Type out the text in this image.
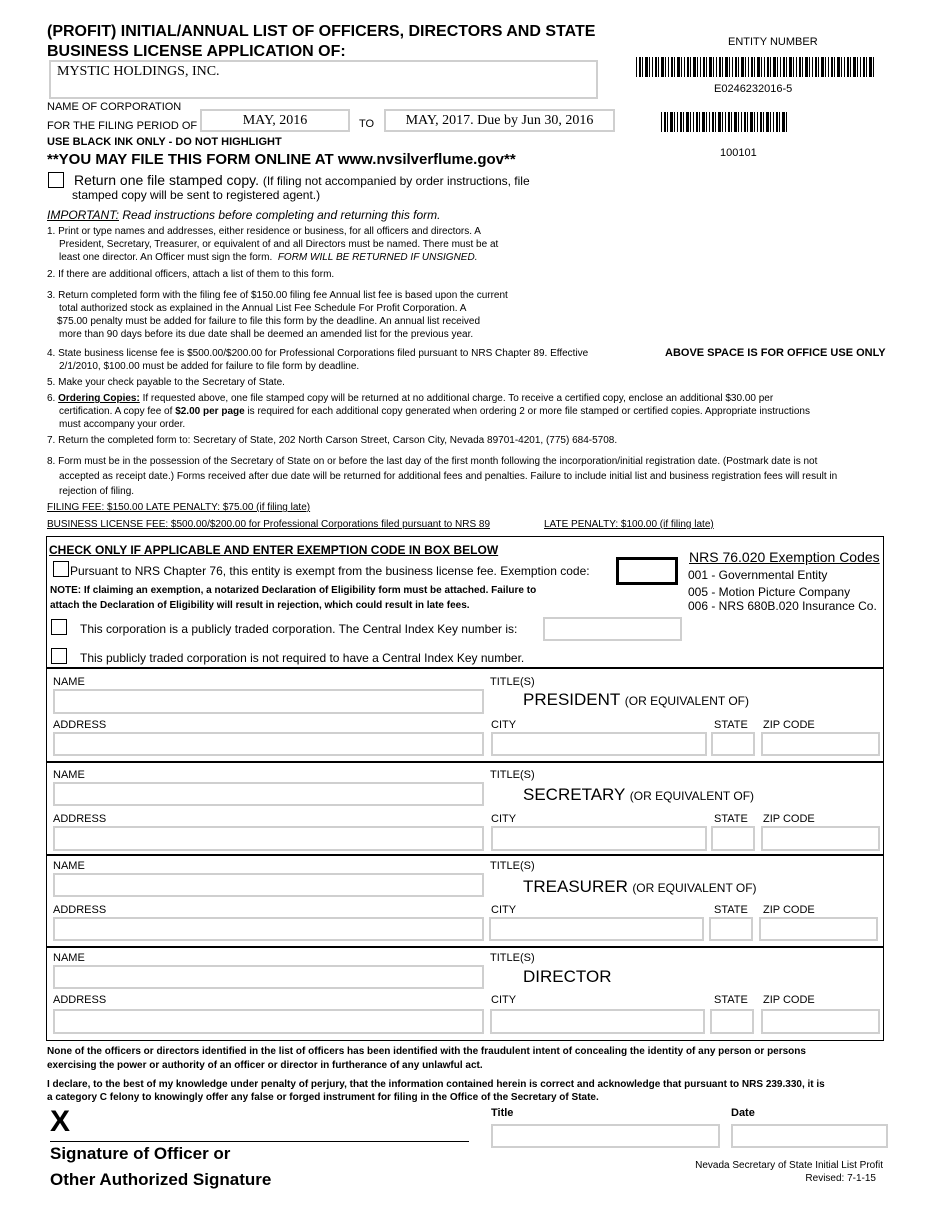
(PROFIT) INITIAL/ANNUAL LIST OF OFFICERS, DIRECTORS AND STATE
BUSINESS LICENSE APPLICATION OF:
ENTITY NUMBER
E0246232016-5
100101
MYSTIC HOLDINGS, INC.
NAME OF CORPORATION
FOR THE FILING PERIOD OF	MAY, 2016	TO	MAY, 2017. Due by Jun 30, 2016
USE BLACK INK ONLY - DO NOT HIGHLIGHT
**YOU MAY FILE THIS FORM ONLINE AT www.nvsilverflume.gov**
Return one file stamped copy. (If filing not accompanied by order instructions, file
stamped copy will be sent to registered agent.)
IMPORTANT: Read instructions before completing and returning this form.
1. Print or type names and addresses, either residence or business, for all officers and directors. A
President, Secretary, Treasurer, or equivalent of and all Directors must be named. There must be at
least one director. An Officer must sign the form. FORM WILL BE RETURNED IF UNSIGNED.
2. If there are additional officers, attach a list of them to this form.
3. Return completed form with the filing fee of $150.00 filing fee Annual list fee is based upon the current
total authorized stock as explained in the Annual List Fee Schedule For Profit Corporation. A
$75.00 penalty must be added for failure to file this form by the deadline. An annual list received
more than 90 days before its due date shall be deemed an amended list for the previous year.
4. State business license fee is $500.00/$200.00 for Professional Corporations filed pursuant to NRS Chapter 89. Effective
2/1/2010, $100.00 must be added for failure to file form by deadline.
ABOVE SPACE IS FOR OFFICE USE ONLY
5. Make your check payable to the Secretary of State.
6. Ordering Copies: If requested above, one file stamped copy will be returned at no additional charge. To receive a certified copy, enclose an additional $30.00 per
certification. A copy fee of $2.00 per page is required for each additional copy generated when ordering 2 or more file stamped or certified copies. Appropriate instructions
must accompany your order.
7. Return the completed form to: Secretary of State, 202 North Carson Street, Carson City, Nevada 89701-4201, (775) 684-5708.
8. Form must be in the possession of the Secretary of State on or before the last day of the first month following the incorporation/initial registration date. (Postmark date is not
accepted as receipt date.) Forms received after due date will be returned for additional fees and penalties. Failure to include initial list and business registration fees will result in
rejection of filing.
FILING FEE: $150.00 LATE PENALTY: $75.00 (if filing late)
BUSINESS LICENSE FEE: $500.00/$200.00 for Professional Corporations filed pursuant to NRS 89	LATE PENALTY: $100.00 (if filing late)
CHECK ONLY IF APPLICABLE AND ENTER EXEMPTION CODE IN BOX BELOW
Pursuant to NRS Chapter 76, this entity is exempt from the business license fee. Exemption code:
NRS 76.020 Exemption Codes
001 - Governmental Entity
005 - Motion Picture Company
006 - NRS 680B.020 Insurance Co.
NOTE: If claiming an exemption, a notarized Declaration of Eligibility form must be attached. Failure to
attach the Declaration of Eligibility will result in rejection, which could result in late fees.
This corporation is a publicly traded corporation. The Central Index Key number is:
This publicly traded corporation is not required to have a Central Index Key number.
NAME	TITLE(S)
PRESIDENT (OR EQUIVALENT OF)
ADDRESS	CITY	STATE ZIP CODE
NAME	TITLE(S)
SECRETARY (OR EQUIVALENT OF)
ADDRESS	CITY	STATE ZIP CODE
NAME	TITLE(S)
TREASURER (OR EQUIVALENT OF)
ADDRESS	CITY	STATE ZIP CODE
NAME	TITLE(S)
DIRECTOR
ADDRESS	CITY	STATE ZIP CODE
None of the officers or directors identified in the list of officers has been identified with the fraudulent intent of concealing the identity of any person or persons
exercising the power or authority of an officer or director in furtherance of any unlawful act.
I declare, to the best of my knowledge under penalty of perjury, that the information contained herein is correct and acknowledge that pursuant to NRS 239.330, it is
a category C felony to knowingly offer any false or forged instrument for filing in the Office of the Secretary of State.
X
Signature of Officer or
Other Authorized Signature
Title	Date
Nevada Secretary of State Initial List Profit
Revised: 7-1-15
